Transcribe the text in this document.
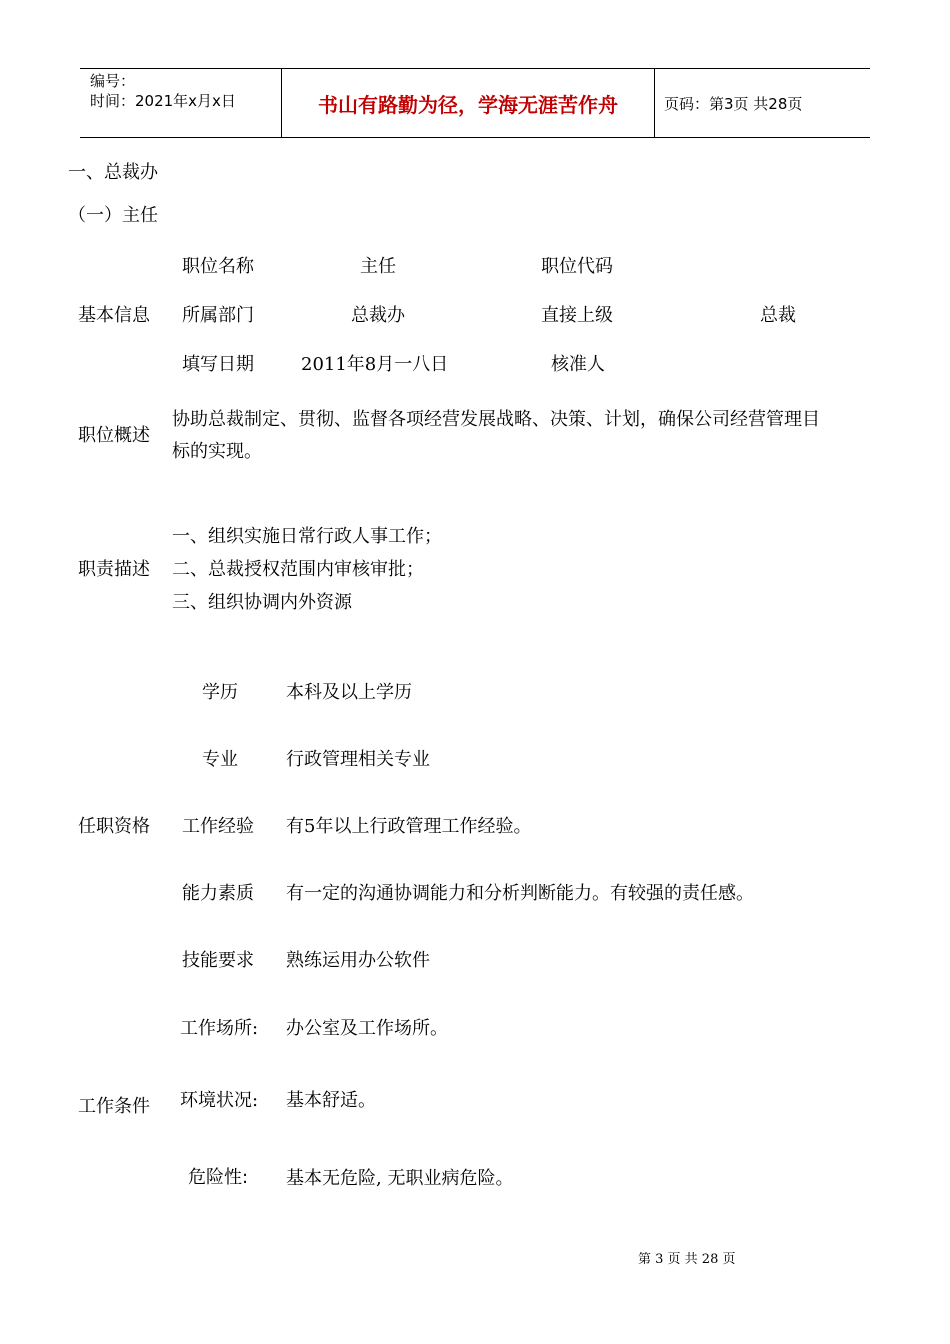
编号：
时间：2021年x月x日	书山有路勤为径，学海无涯苦作舟	页码：第3页 共28页
一、总裁办
（一）主任
基本信息
职位名称	主任	职位代码
所属部门	总裁办	直接上级	总裁
填写日期	2011年8月一八日	核准人
职位概述
协助总裁制定、贯彻、监督各项经营发展战略、决策、计划，确保公司经营管理目
标的实现。
职责描述
一、组织实施日常行政人事工作；
二、总裁授权范围内审核审批；
三、组织协调内外资源
任职资格
学历	本科及以上学历
专业	行政管理相关专业
工作经验 有5年以上行政管理工作经验。
能力素质 有一定的沟通协调能力和分析判断能力。有较强的责任感。
技能要求 熟练运用办公软件
工作条件
工作场所: 办公室及工作场所。
环境状况: 基本舒适。
危险性: 基本无危险, 无职业病危险。
第 3 页 共 28 页
